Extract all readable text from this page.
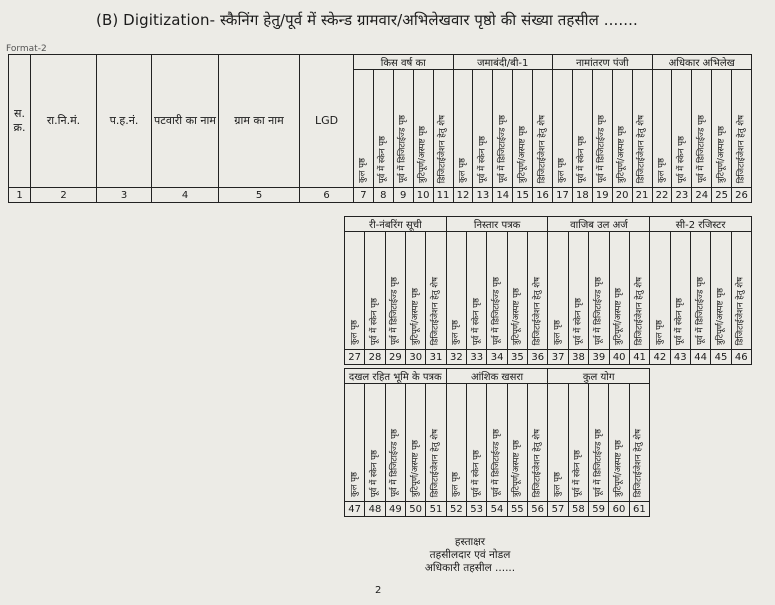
(B) Digitization- स्कैनिंग हेतु/पूर्व में स्केन्ड ग्रामवार/अभिलेखवार पृष्ठो की संख्या तहसील .......
Format-2
स. क्र.	रा.नि.मं.	प.ह.नं.	पटवारी का नाम	ग्राम का नाम	LGD	किस वर्ष का					जमाबंदी/बी-1					नामांतरण पंजी					अधिकार अभिलेख				

						कुल पृष्ठ	पूर्व में स्केन पृष्ठ	पूर्व में डिजिटाईज्ड पृष्ठ	त्रुटिपूर्ण/अस्पष्ट पृष्ठ	डिजिटाईजेशन हेतु शेष	कुल पृष्ठ	पूर्व में स्केन पृष्ठ	पूर्व में डिजिटाईज्ड पृष्ठ	त्रुटिपूर्ण/अस्पष्ट पृष्ठ	डिजिटाईजेशन हेतु शेष	कुल पृष्ठ	पूर्व में स्केन पृष्ठ	पूर्व में डिजिटाईज्ड पृष्ठ	त्रुटिपूर्ण/अस्पष्ट पृष्ठ	डिजिटाईजेशन हेतु शेष	कुल पृष्ठ	पूर्व में स्केन पृष्ठ	पूर्व में डिजिटाईज्ड पृष्ठ	त्रुटिपूर्ण/अस्पष्ट पृष्ठ	डिजिटाईजेशन हेतु शेष

1	2	3	4	5	6	7	8	9	10	11	12	13	14	15	16	17	18	19	20	21	22	23	24	25	26
री-नंबरिंग सूची					निस्तार पत्रक					वाजिब उल अर्ज					सी-2 रजिस्टर				

कुल पृष्ठ	पूर्व में स्केन पृष्ठ	पूर्व में डिजिटाईज्ड पृष्ठ	त्रुटिपूर्ण/अस्पष्ट पृष्ठ	डिजिटाईजेशन हेतु शेष	कुल पृष्ठ	पूर्व में स्केन पृष्ठ	पूर्व में डिजिटाईज्ड पृष्ठ	त्रुटिपूर्ण/अस्पष्ट पृष्ठ	डिजिटाईजेशन हेतु शेष	कुल पृष्ठ	पूर्व में स्केन पृष्ठ	पूर्व में डिजिटाईज्ड पृष्ठ	त्रुटिपूर्ण/अस्पष्ट पृष्ठ	डिजिटाईजेशन हेतु शेष	कुल पृष्ठ	पूर्व में स्केन पृष्ठ	पूर्व में डिजिटाईज्ड पृष्ठ	त्रुटिपूर्ण/अस्पष्ट पृष्ठ	डिजिटाईजेशन हेतु शेष

27	28	29	30	31	32	33	34	35	36	37	38	39	40	41	42	43	44	45	46
दखल रहित भूमि के पत्रक					आंशिक खसरा					कुल योग				

कुल पृष्ठ	पूर्व में स्केन पृष्ठ	पूर्व में डिजिटाईज्ड पृष्ठ	त्रुटिपूर्ण/अस्पष्ट पृष्ठ	डिजिटाईजेशन हेतु शेष	कुल पृष्ठ	पूर्व में स्केन पृष्ठ	पूर्व में डिजिटाईज्ड पृष्ठ	त्रुटिपूर्ण/अस्पष्ट पृष्ठ	डिजिटाईजेशन हेतु शेष	कुल पृष्ठ	पूर्व में स्केन पृष्ठ	पूर्व में डिजिटाईज्ड पृष्ठ	त्रुटिपूर्ण/अस्पष्ट पृष्ठ	डिजिटाईजेशन हेतु शेष

47	48	49	50	51	52	53	54	55	56	57	58	59	60	61
हस्ताक्षर
तहसीलदार एवं नोडल
अधिकारी तहसील ......
2
